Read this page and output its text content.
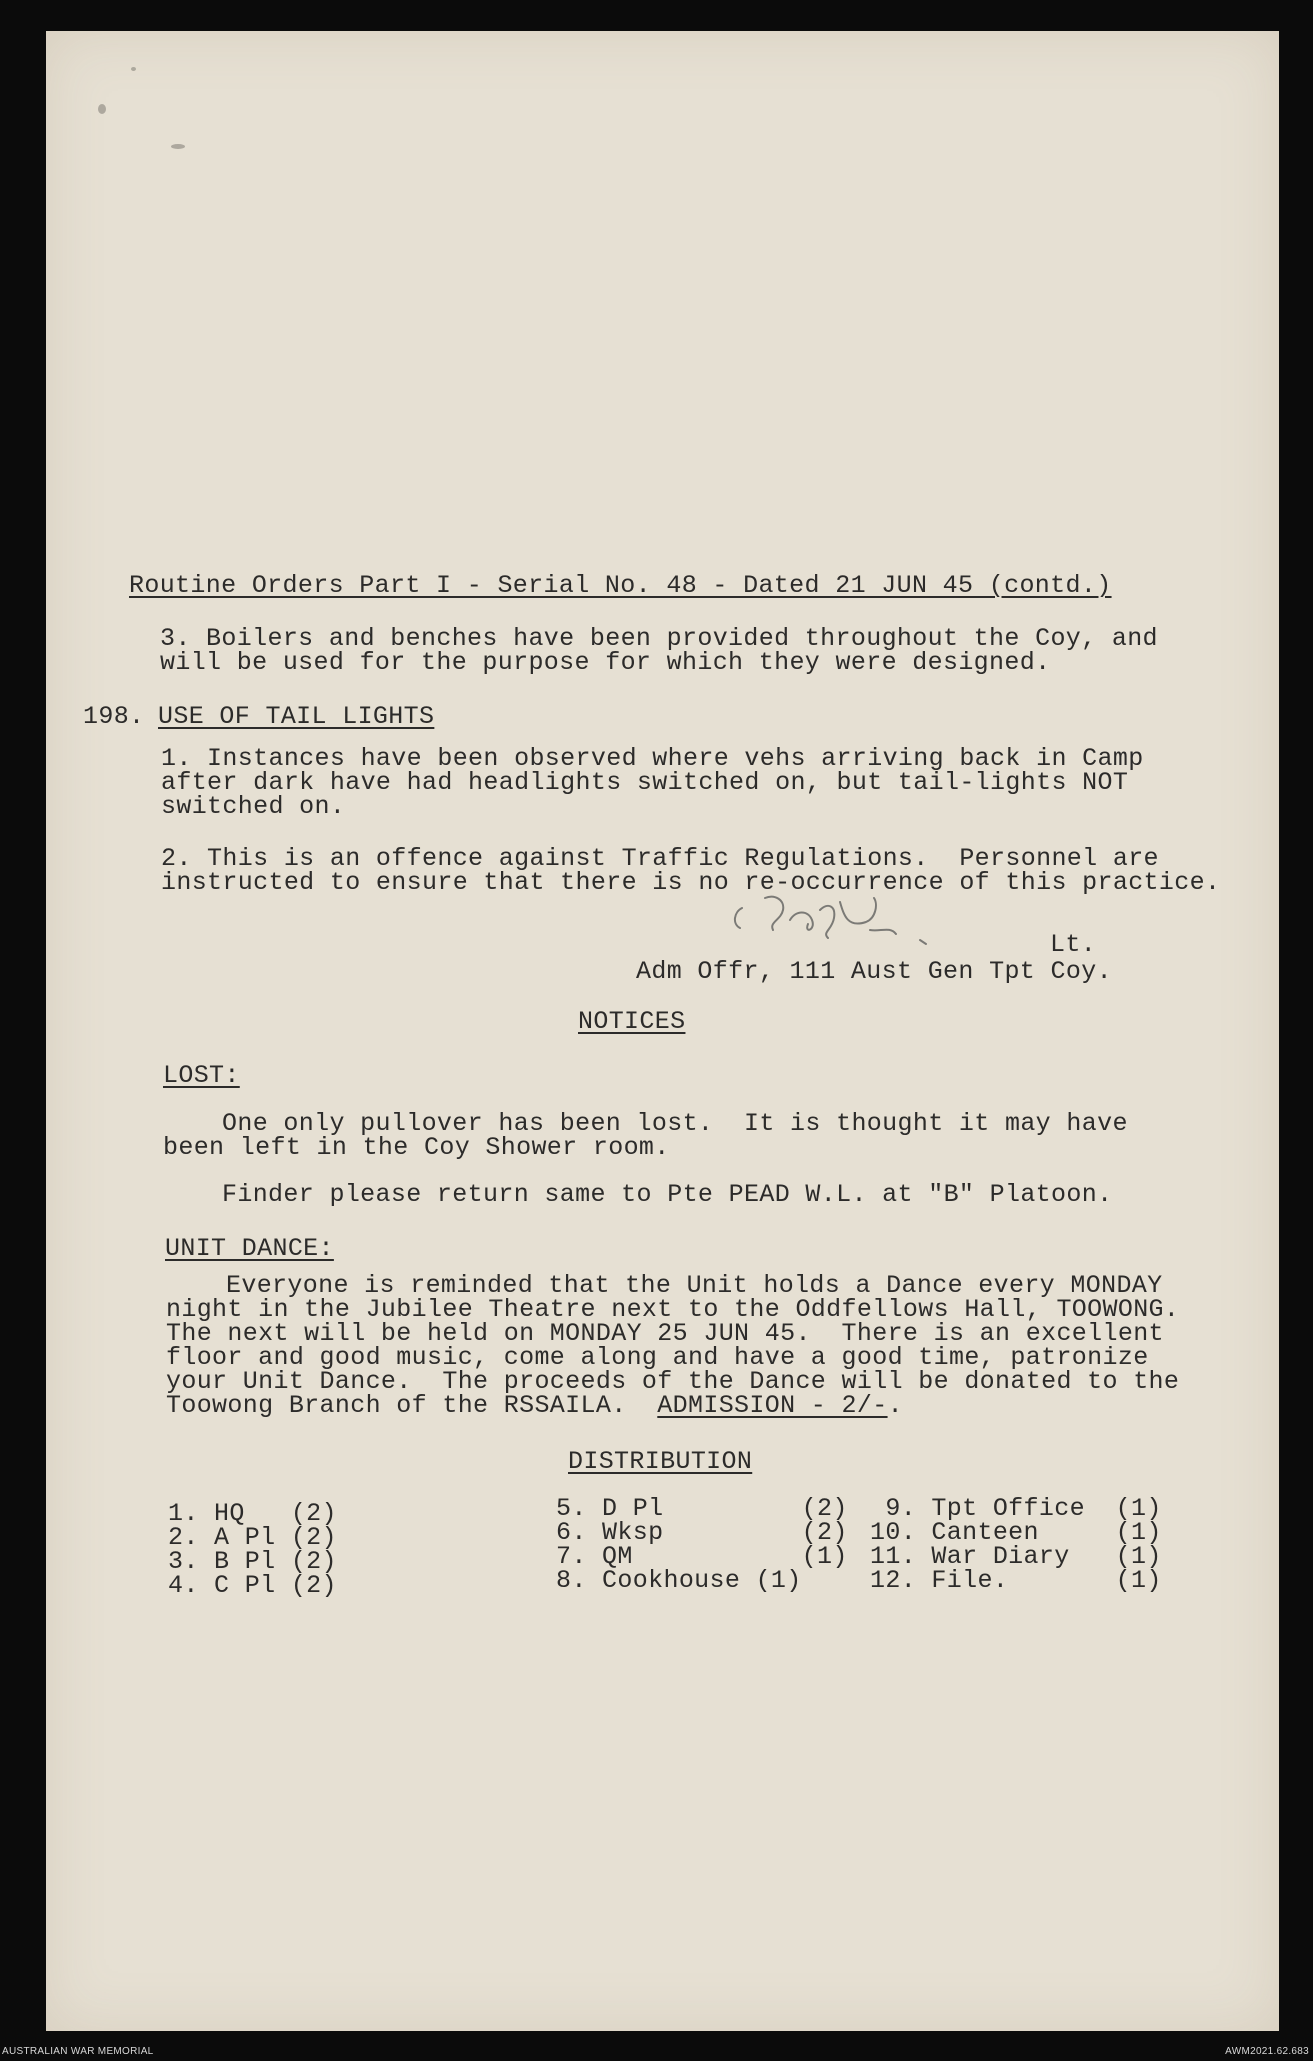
Routine Orders Part I - Serial No. 48 - Dated 21 JUN 45 (contd.)
3. Boilers and benches have been provided throughout the Coy, and
will be used for the purpose for which they were designed.
198. USE OF TAIL LIGHTS
1. Instances have been observed where vehs arriving back in Camp
after dark have had headlights switched on, but tail-lights NOT
switched on.
2. This is an offence against Traffic Regulations.  Personnel are
instructed to ensure that there is no re-occurrence of this practice.
Lt.
Adm Offr, 111 Aust Gen Tpt Coy.
NOTICES
LOST:
One only pullover has been lost.  It is thought it may have
been left in the Coy Shower room.
Finder please return same to Pte PEAD W.L. at "B" Platoon.
UNIT DANCE:
Everyone is reminded that the Unit holds a Dance every MONDAY
night in the Jubilee Theatre next to the Oddfellows Hall, TOOWONG.
The next will be held on MONDAY 25 JUN 45.  There is an excellent
floor and good music, come along and have a good time, patronize
your Unit Dance.  The proceeds of the Dance will be donated to the
Toowong Branch of the RSSAILA.  ADMISSION - 2/-.
DISTRIBUTION
1. HQ   (2)
2. A Pl (2)
3. B Pl (2)
4. C Pl (2)
5. D Pl         (2)
6. Wksp         (2)
7. QM           (1)
8. Cookhouse (1)
9. Tpt Office  (1)
10. Canteen     (1)
11. War Diary   (1)
12. File.       (1)
AUSTRALIAN WAR MEMORIAL	AWM2021.62.683
